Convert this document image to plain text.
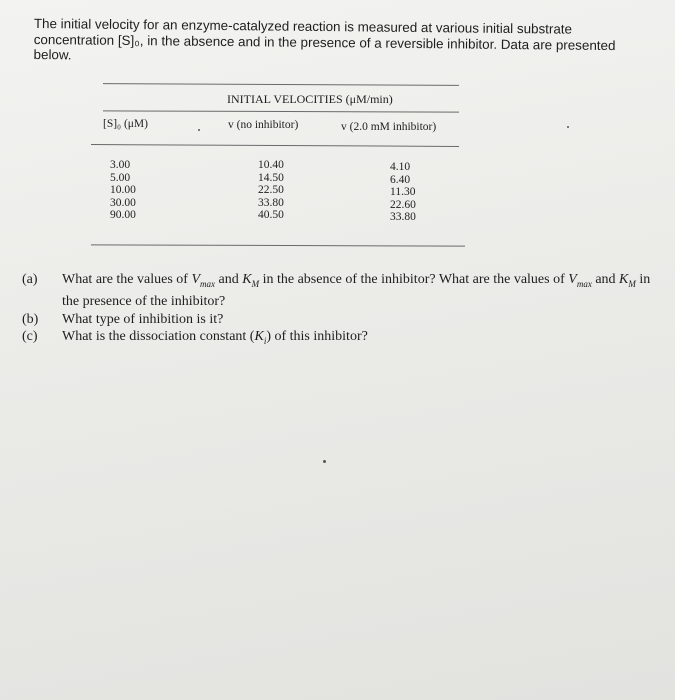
The initial velocity for an enzyme-catalyzed reaction is measured at various initial substrate concentration [S]₀, in the absence and in the presence of a reversible inhibitor. Data are presented below.

INITIAL VELOCITIES (μM/min)
[S]₀ (μM)	v (no inhibitor)	v (2.0 mM inhibitor)
3.00
5.00
10.00
30.00
90.00
10.40
14.50
22.50
33.80
40.50
4.10
6.40
11.30
22.60
33.80
(a) What are the values of $V_{max}$ and $K_M$ in the absence of the inhibitor? What are the values of $V_{max}$ and $K_M$ in the presence of the inhibitor?
(b) What type of inhibition is it?
(c) What is the dissociation constant $(K_i)$ of this inhibitor?
